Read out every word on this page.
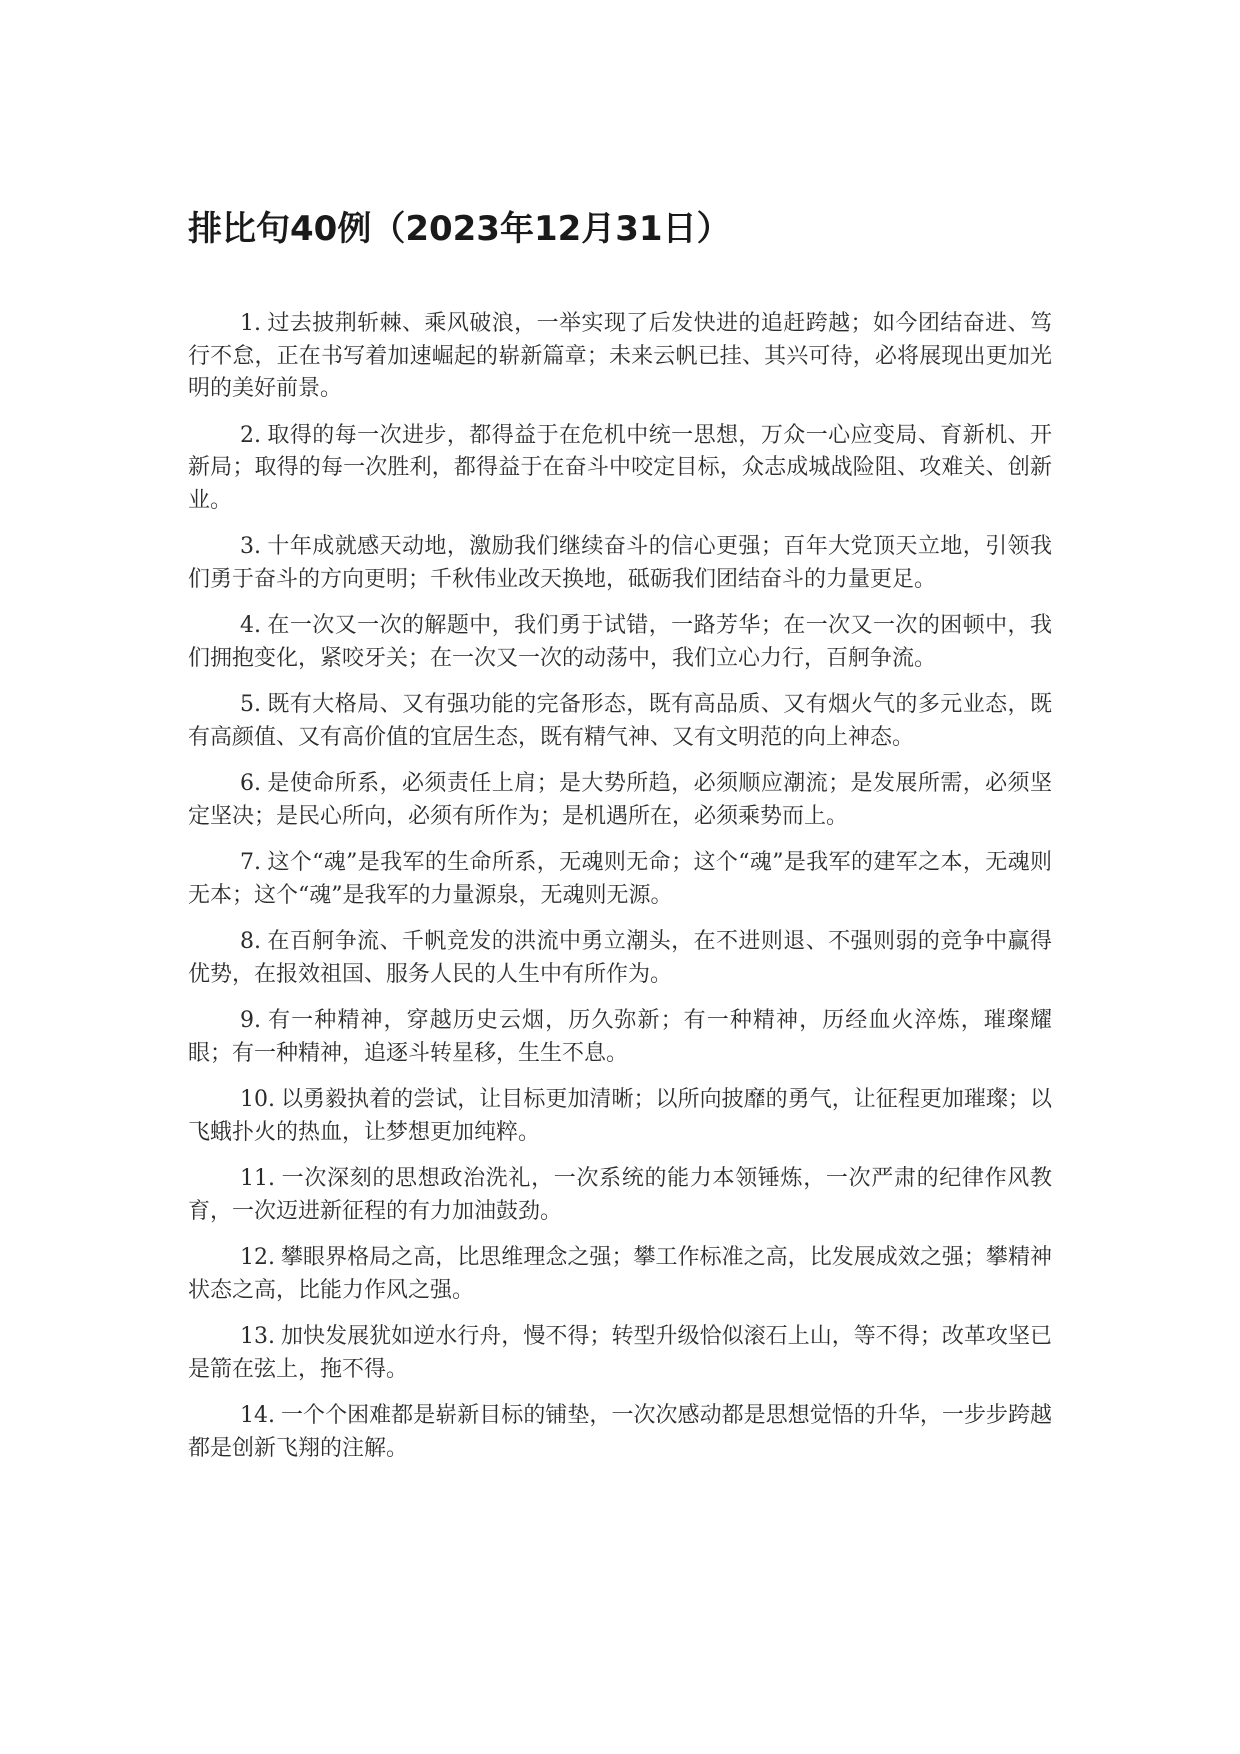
排比句40例（2023年12月31日）

1. 过去披荆斩棘、乘风破浪，一举实现了后发快进的追赶跨越；如今团结奋进、笃行不怠，正在书写着加速崛起的崭新篇章；未来云帆已挂、其兴可待，必将展现出更加光明的美好前景。

2. 取得的每一次进步，都得益于在危机中统一思想，万众一心应变局、育新机、开新局；取得的每一次胜利，都得益于在奋斗中咬定目标，众志成城战险阻、攻难关、创新业。

3. 十年成就感天动地，激励我们继续奋斗的信心更强；百年大党顶天立地，引领我们勇于奋斗的方向更明；千秋伟业改天换地，砥砺我们团结奋斗的力量更足。

4. 在一次又一次的解题中，我们勇于试错，一路芳华；在一次又一次的困顿中，我们拥抱变化，紧咬牙关；在一次又一次的动荡中，我们立心力行，百舸争流。

5. 既有大格局、又有强功能的完备形态，既有高品质、又有烟火气的多元业态，既有高颜值、又有高价值的宜居生态，既有精气神、又有文明范的向上神态。

6. 是使命所系，必须责任上肩；是大势所趋，必须顺应潮流；是发展所需，必须坚定坚决；是民心所向，必须有所作为；是机遇所在，必须乘势而上。

7. 这个“魂”是我军的生命所系，无魂则无命；这个“魂”是我军的建军之本，无魂则无本；这个“魂”是我军的力量源泉，无魂则无源。

8. 在百舸争流、千帆竞发的洪流中勇立潮头，在不进则退、不强则弱的竞争中赢得优势，在报效祖国、服务人民的人生中有所作为。

9. 有一种精神，穿越历史云烟，历久弥新；有一种精神，历经血火淬炼，璀璨耀眼；有一种精神，追逐斗转星移，生生不息。

10. 以勇毅执着的尝试，让目标更加清晰；以所向披靡的勇气，让征程更加璀璨；以飞蛾扑火的热血，让梦想更加纯粹。

11. 一次深刻的思想政治洗礼，一次系统的能力本领锤炼，一次严肃的纪律作风教育，一次迈进新征程的有力加油鼓劲。

12. 攀眼界格局之高，比思维理念之强；攀工作标准之高，比发展成效之强；攀精神状态之高，比能力作风之强。

13. 加快发展犹如逆水行舟，慢不得；转型升级恰似滚石上山，等不得；改革攻坚已是箭在弦上，拖不得。

14. 一个个困难都是崭新目标的铺垫，一次次感动都是思想觉悟的升华，一步步跨越都是创新飞翔的注解。
